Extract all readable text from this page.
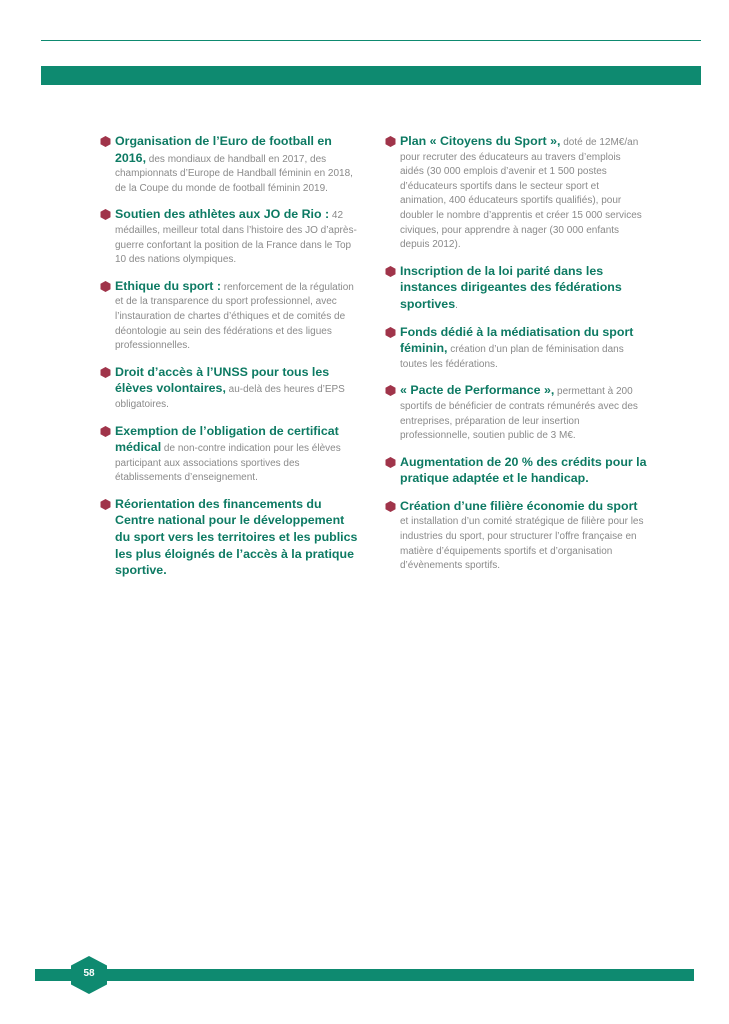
Organisation de l’Euro de football en 2016, des mondiaux de handball en 2017, des championnats d’Europe de Handball féminin en 2018, de la Coupe du monde de football féminin 2019.

Soutien des athlètes aux JO de Rio : 42 médailles, meilleur total dans l’histoire des JO d’après-guerre confortant la position de la France dans le Top 10 des nations olympiques.

Ethique du sport : renforcement de la régulation et de la transparence du sport professionnel, avec l’instauration de chartes d’éthiques et de comités de déontologie au sein des fédérations et des ligues professionnelles.

Droit d’accès à l’UNSS pour tous les élèves volontaires, au-delà des heures d’EPS obligatoires.

Exemption de l’obligation de certificat médical de non-contre indication pour les élèves participant aux associations sportives des établissements d’enseignement.

Réorientation des financements du Centre national pour le développement du sport vers les territoires et les publics les plus éloignés de l’accès à la pratique sportive.

Plan « Citoyens du Sport », doté de 12M€/an pour recruter des éducateurs au travers d’emplois aidés (30 000 emplois d’avenir et 1 500 postes d’éducateurs sportifs dans le secteur sport et animation, 400 éducateurs sportifs qualifiés), pour doubler le nombre d’apprentis et créer 15 000 services civiques, pour apprendre à nager (30 000 enfants depuis 2012).

Inscription de la loi parité dans les instances dirigeantes des fédérations sportives.

Fonds dédié à la médiatisation du sport féminin, création d’un plan de féminisation dans toutes les fédérations.

« Pacte de Performance », permettant à 200 sportifs de bénéficier de contrats rémunérés avec des entreprises, préparation de leur insertion professionnelle, soutien public de 3 M€.

Augmentation de 20 % des crédits pour la pratique adaptée et le handicap.

Création d’une filière économie du sport et installation d’un comité stratégique de filière pour les industries du sport, pour structurer l’offre française en matière d’équipements sportifs et d’organisation d’évènements sportifs.

58
